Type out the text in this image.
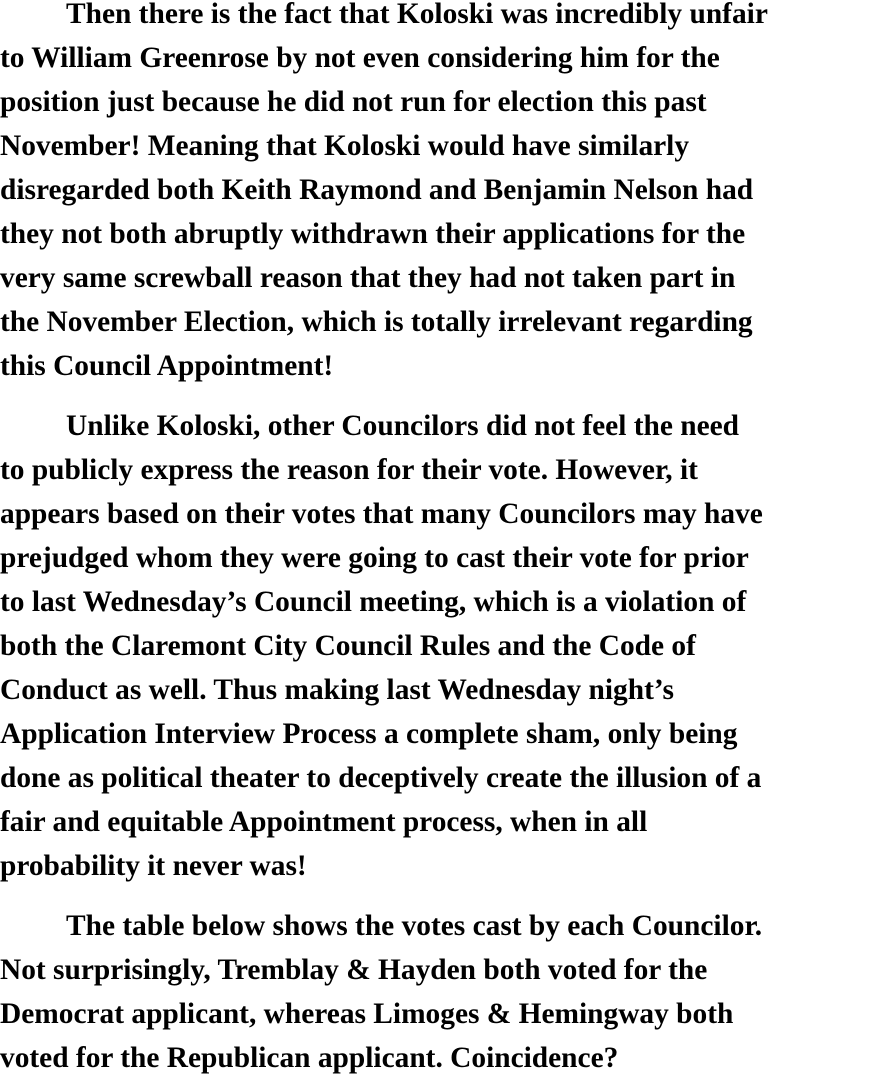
Then there is the fact that Koloski was incredibly unfair
to William Greenrose by not even considering him for the
position just because he did not run for election this past
November! Meaning that Koloski would have similarly
disregarded both Keith Raymond and Benjamin Nelson had
they not both abruptly withdrawn their applications for the
very same screwball reason that they had not taken part in
the November Election, which is totally irrelevant regarding
this Council Appointment!

Unlike Koloski, other Councilors did not feel the need
to publicly express the reason for their vote. However, it
appears based on their votes that many Councilors may have
prejudged whom they were going to cast their vote for prior
to last Wednesday’s Council meeting, which is a violation of
both the Claremont City Council Rules and the Code of
Conduct as well. Thus making last Wednesday night’s
Application Interview Process a complete sham, only being
done as political theater to deceptively create the illusion of a
fair and equitable Appointment process, when in all
probability it never was!

The table below shows the votes cast by each Councilor.
Not surprisingly, Tremblay & Hayden both voted for the
Democrat applicant, whereas Limoges & Hemingway both
voted for the Republican applicant. Coincidence?
